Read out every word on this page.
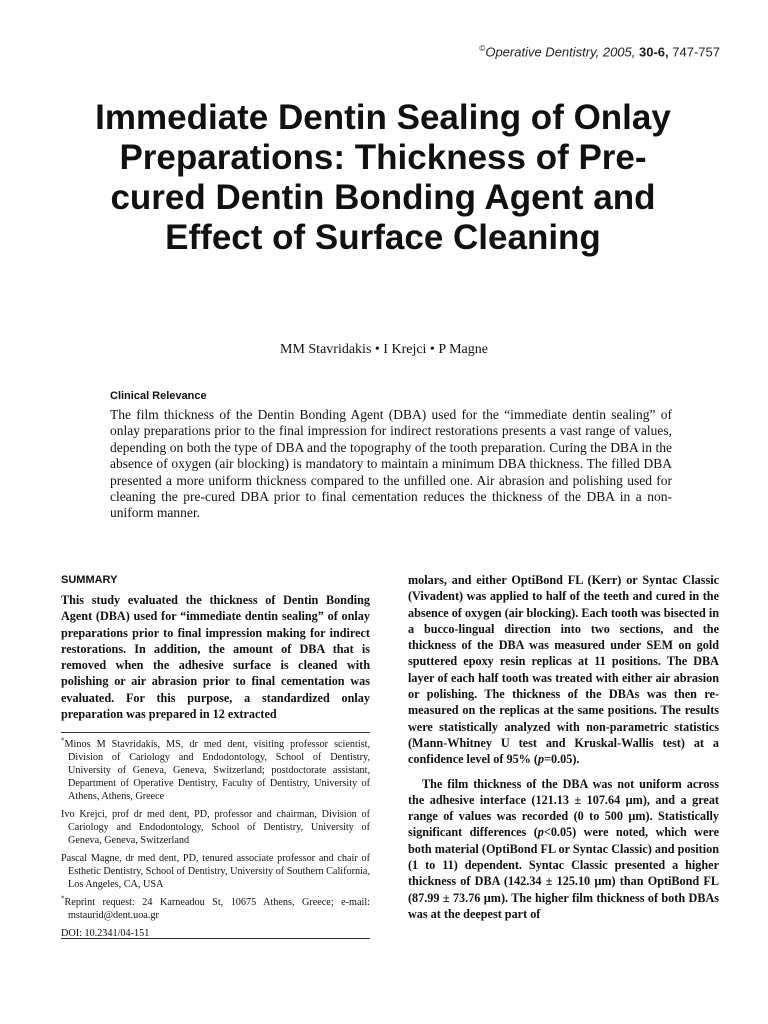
©Operative Dentistry, 2005, 30-6, 747-757
Immediate Dentin Sealing of Onlay Preparations: Thickness of Pre-cured Dentin Bonding Agent and Effect of Surface Cleaning
MM Stavridakis • I Krejci • P Magne
Clinical Relevance
The film thickness of the Dentin Bonding Agent (DBA) used for the “immediate dentin sealing” of onlay preparations prior to the final impression for indirect restorations presents a vast range of values, depending on both the type of DBA and the topography of the tooth preparation. Curing the DBA in the absence of oxygen (air blocking) is mandatory to maintain a minimum DBA thickness. The filled DBA presented a more uniform thickness compared to the unfilled one. Air abrasion and polishing used for cleaning the pre-cured DBA prior to final cementation reduces the thickness of the DBA in a non-uniform manner.
SUMMARY

This study evaluated the thickness of Dentin Bonding Agent (DBA) used for “immediate dentin sealing” of onlay preparations prior to final impression making for indirect restorations. In addition, the amount of DBA that is removed when the adhesive surface is cleaned with polishing or air abrasion prior to final cementation was evaluated. For this purpose, a standardized onlay preparation was prepared in 12 extracted

*Minos M Stavridakis, MS, dr med dent, visiting professor scientist, Division of Cariology and Endodontology, School of Dentistry, University of Geneva, Geneva, Switzerland; postdoctorate assistant, Department of Operative Dentistry, Faculty of Dentistry, University of Athens, Athens, Greece

Ivo Krejci, prof dr med dent, PD, professor and chairman, Division of Cariology and Endodontology, School of Dentistry, University of Geneva, Geneva, Switzerland

Pascal Magne, dr med dent, PD, tenured associate professor and chair of Esthetic Dentistry, School of Dentistry, University of Southern California, Los Angeles, CA, USA

*Reprint request: 24 Karneadou St, 10675 Athens, Greece; e-mail: mstaurid@dent.uoa.gr

DOI: 10.2341/04-151

molars, and either OptiBond FL (Kerr) or Syntac Classic (Vivadent) was applied to half of the teeth and cured in the absence of oxygen (air blocking). Each tooth was bisected in a bucco-lingual direction into two sections, and the thickness of the DBA was measured under SEM on gold sputtered epoxy resin replicas at 11 positions. The DBA layer of each half tooth was treated with either air abrasion or polishing. The thickness of the DBAs was then re-measured on the replicas at the same positions. The results were statistically analyzed with non-parametric statistics (Mann-Whitney U test and Kruskal-Wallis test) at a confidence level of 95% (p=0.05).

The film thickness of the DBA was not uniform across the adhesive interface (121.13 ± 107.64 µm), and a great range of values was recorded (0 to 500 µm). Statistically significant differences (p<0.05) were noted, which were both material (OptiBond FL or Syntac Classic) and position (1 to 11) dependent. Syntac Classic presented a higher thickness of DBA (142.34 ± 125.10 µm) than OptiBond FL (87.99 ± 73.76 µm). The higher film thickness of both DBAs was at the deepest part of
